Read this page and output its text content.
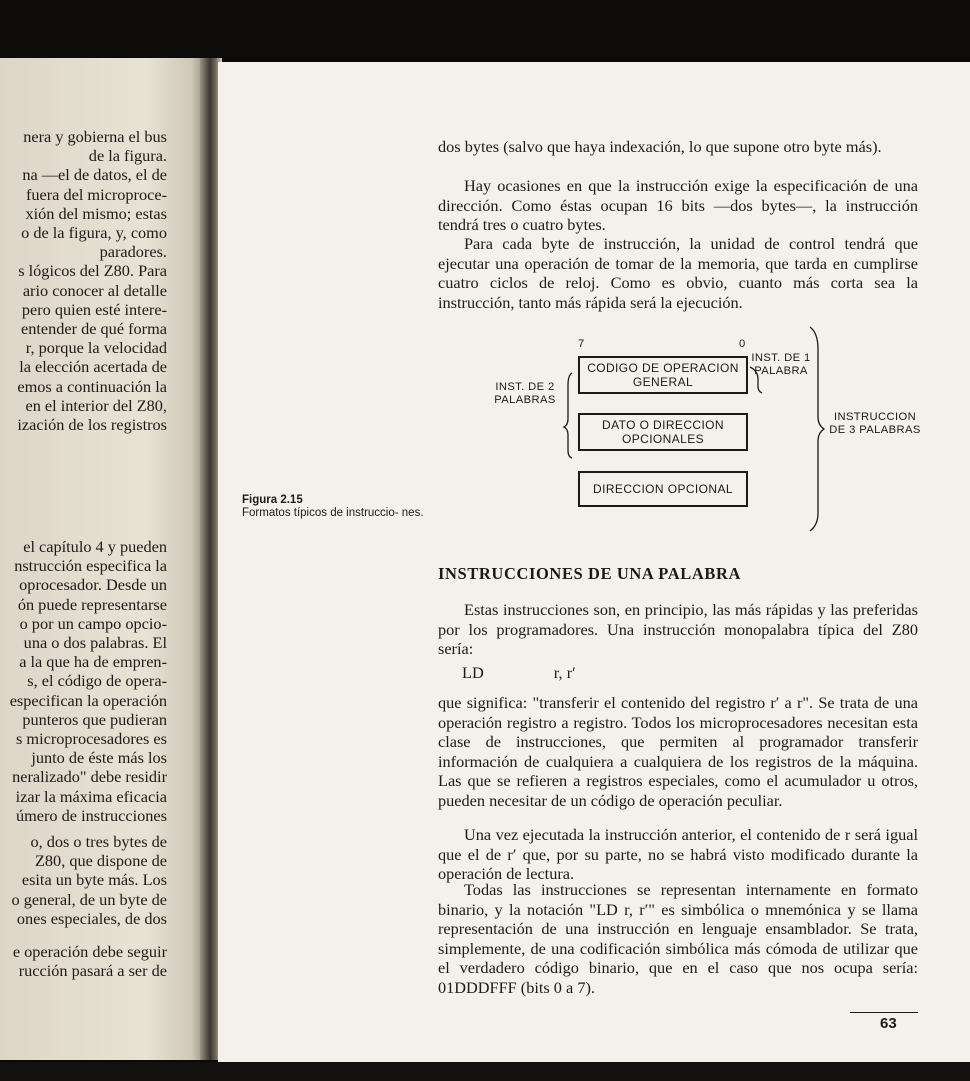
nera y gobierna el bus
de la figura.
na —el de datos, el de
fuera del microproce-
xión del mismo; estas
o de la figura, y, como
paradores.
s lógicos del Z80. Para
ario conocer al detalle
pero quien esté intere-
entender de qué forma
r, porque la velocidad
la elección acertada de
emos a continuación la
en el interior del Z80,
ización de los registros
el capítulo 4 y pueden
nstrucción especifica la
oprocesador. Desde un
ón puede representarse
o por un campo opcio-
una o dos palabras. El
a la que ha de empren-
s, el código de opera-
especifican la operación
punteros que pudieran
s microprocesadores es
junto de éste más los
neralizado" debe residir
izar la máxima eficacia
úmero de instrucciones
o, dos o tres bytes de
Z80, que dispone de
esita un byte más. Los
o general, de un byte de
ones especiales, de dos
e operación debe seguir
rucción pasará a ser de

dos bytes (salvo que haya indexación, lo que supone otro byte más).

Hay ocasiones en que la instrucción exige la especificación de una dirección. Como éstas ocupan 16 bits —dos bytes—, la instrucción tendrá tres o cuatro bytes.

Para cada byte de instrucción, la unidad de control tendrá que ejecutar una operación de tomar de la memoria, que tarda en cumplirse cuatro ciclos de reloj. Como es obvio, cuanto más corta sea la instrucción, tanto más rápida será la ejecución.

7	0
CODIGO DE OPERACION GENERAL
DATO O DIRECCION OPCIONALES
DIRECCION OPCIONAL
INST. DE 1 PALABRA
INST. DE 2 PALABRAS
INSTRUCCION DE 3 PALABRAS
Figura 2.15
Formatos típicos de instruccio- nes.
INSTRUCCIONES DE UNA PALABRA

Estas instrucciones son, en principio, las más rápidas y las preferidas por los programadores. Una instrucción monopalabra típica del Z80 sería:

LD	r, r′

que significa: "transferir el contenido del registro r′ a r". Se trata de una operación registro a registro. Todos los microprocesadores necesitan esta clase de instrucciones, que permiten al programador transferir información de cualquiera a cualquiera de los registros de la máquina. Las que se refieren a registros especiales, como el acumulador u otros, pueden necesitar de un código de operación peculiar.

Una vez ejecutada la instrucción anterior, el contenido de r será igual que el de r′ que, por su parte, no se habrá visto modificado durante la operación de lectura.

Todas las instrucciones se representan internamente en formato binario, y la notación "LD r, r′" es simbólica o mnemónica y se llama representación de una instrucción en lenguaje ensamblador. Se trata, simplemente, de una codificación simbólica más cómoda de utilizar que el verdadero código binario, que en el caso que nos ocupa sería: 01DDDFFF (bits 0 a 7).

63
